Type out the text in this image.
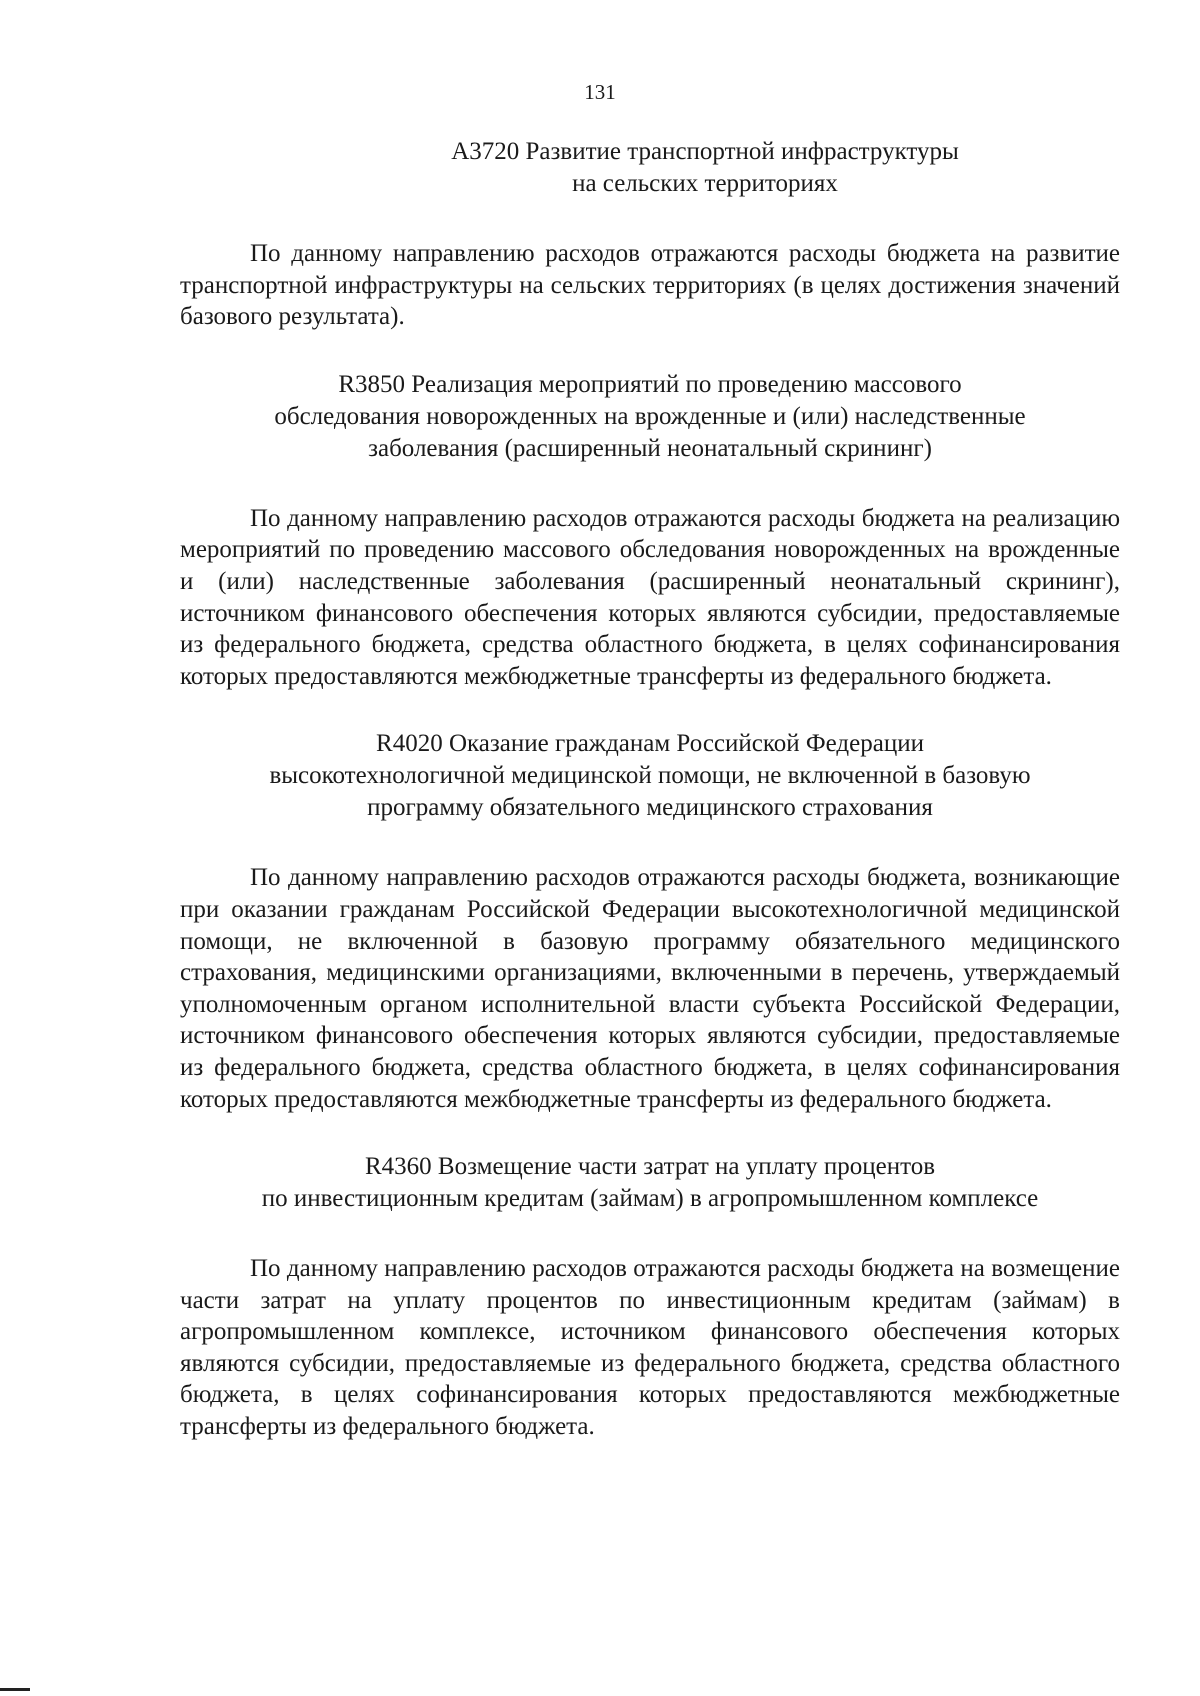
131
А3720 Развитие транспортной инфраструктуры
на сельских территориях

По данному направлению расходов отражаются расходы бюджета на развитие транспортной инфраструктуры на сельских территориях (в целях достижения значений базового результата).

R3850 Реализация мероприятий по проведению массового
обследования новорожденных на врожденные и (или) наследственные
заболевания (расширенный неонатальный скрининг)

По данному направлению расходов отражаются расходы бюджета на реализацию мероприятий по проведению массового обследования новорожденных на врожденные и (или) наследственные заболевания (расширенный неонатальный скрининг), источником финансового обеспечения которых являются субсидии, предоставляемые из федерального бюджета, средства областного бюджета, в целях софинансирования которых предоставляются межбюджетные трансферты из федерального бюджета.

R4020 Оказание гражданам Российской Федерации
высокотехнологичной медицинской помощи, не включенной в базовую
программу обязательного медицинского страхования

По данному направлению расходов отражаются расходы бюджета, возникающие при оказании гражданам Российской Федерации высокотехнологичной медицинской помощи, не включенной в базовую программу обязательного медицинского страхования, медицинскими организациями, включенными в перечень, утверждаемый уполномоченным органом исполнительной власти субъекта Российской Федерации, источником финансового обеспечения которых являются субсидии, предоставляемые из федерального бюджета, средства областного бюджета, в целях софинансирования которых предоставляются межбюджетные трансферты из федерального бюджета.

R4360 Возмещение части затрат на уплату процентов
по инвестиционным кредитам (займам) в агропромышленном комплексе

По данному направлению расходов отражаются расходы бюджета на возмещение части затрат на уплату процентов по инвестиционным кредитам (займам) в агропромышленном комплексе, источником финансового обеспечения которых являются субсидии, предоставляемые из федерального бюджета, средства областного бюджета, в целях софинансирования которых предоставляются межбюджетные трансферты из федерального бюджета.
